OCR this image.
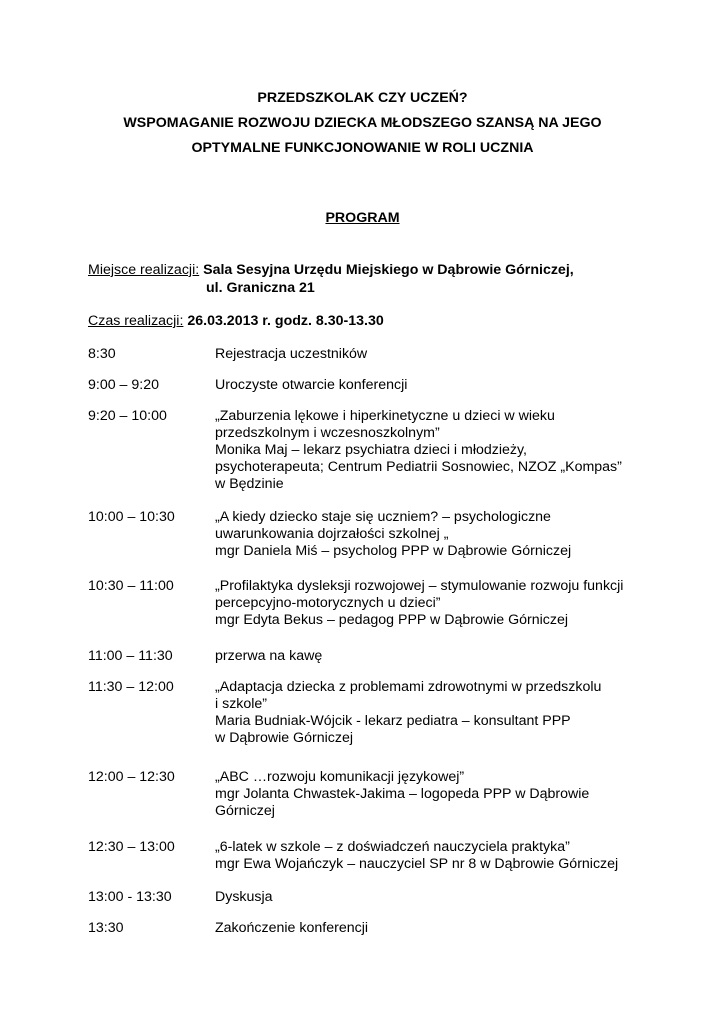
PRZEDSZKOLAK CZY UCZEŃ?
WSPOMAGANIE ROZWOJU DZIECKA MŁODSZEGO SZANSĄ NA JEGO
OPTYMALNE FUNKCJONOWANIE W ROLI UCZNIA
PROGRAM
Miejsce realizacji: Sala Sesyjna Urzędu Miejskiego w Dąbrowie Górniczej,
ul. Graniczna 21
Czas realizacji: 26.03.2013 r. godz. 8.30-13.30
8:30	Rejestracja uczestników
9:00 – 9:20	Uroczyste otwarcie konferencji
9:20 – 10:00	„Zaburzenia lękowe i hiperkinetyczne u dzieci w wieku
przedszkolnym i wczesnoszkolnym”
Monika Maj – lekarz psychiatra dzieci i młodzieży,
psychoterapeuta; Centrum Pediatrii Sosnowiec, NZOZ „Kompas”
w Będzinie
10:00 – 10:30	„A kiedy dziecko staje się uczniem? – psychologiczne
uwarunkowania dojrzałości szkolnej „
mgr Daniela Miś – psycholog PPP w Dąbrowie Górniczej
10:30 – 11:00	„Profilaktyka dysleksji rozwojowej – stymulowanie rozwoju funkcji
percepcyjno-motorycznych u dzieci”
mgr Edyta Bekus – pedagog PPP w Dąbrowie Górniczej
11:00 – 11:30	przerwa na kawę
11:30 – 12:00	„Adaptacja dziecka z problemami zdrowotnymi w przedszkolu
i szkole”
Maria Budniak-Wójcik - lekarz pediatra – konsultant PPP
w Dąbrowie Górniczej
12:00 – 12:30	„ABC …rozwoju komunikacji językowej”
mgr Jolanta Chwastek-Jakima – logopeda PPP w Dąbrowie
Górniczej
12:30 – 13:00	„6-latek w szkole – z doświadczeń nauczyciela praktyka”
mgr Ewa Wojańczyk – nauczyciel SP nr 8 w Dąbrowie Górniczej
13:00 - 13:30	Dyskusja
13:30	Zakończenie konferencji
